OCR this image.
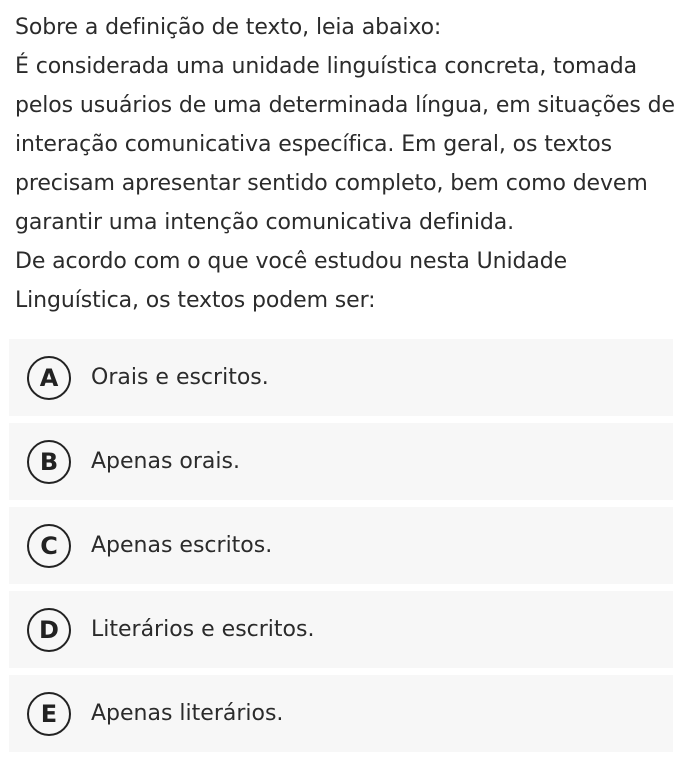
Sobre a definição de texto, leia abaixo:

É considerada uma unidade linguística concreta, tomada pelos usuários de uma determinada língua, em situações de interação comunicativa específica. Em geral, os textos precisam apresentar sentido completo, bem como devem garantir uma intenção comunicativa definida.

De acordo com o que você estudou nesta Unidade Linguística, os textos podem ser:

A	Orais e escritos.
B	Apenas orais.
C	Apenas escritos.
D	Literários e escritos.
E	Apenas literários.
